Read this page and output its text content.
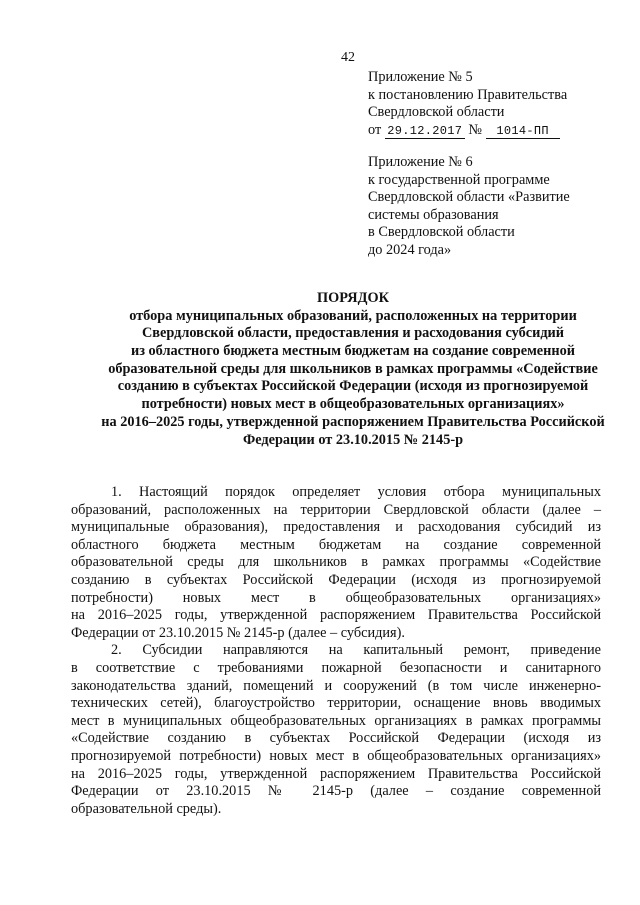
42
Приложение № 5
к постановлению Правительства
Свердловской области
от 29.12.2017 № 1014-ПП
Приложение № 6
к государственной программе
Свердловской области «Развитие
системы образования
в Свердловской области
до 2024 года»
ПОРЯДОК
отбора муниципальных образований, расположенных на территории
Свердловской области, предоставления и расходования субсидий
из областного бюджета местным бюджетам на создание современной
образовательной среды для школьников в рамках программы «Содействие
созданию в субъектах Российской Федерации (исходя из прогнозируемой
потребности) новых мест в общеобразовательных организациях»
на 2016–2025 годы, утвержденной распоряжением Правительства Российской
Федерации от 23.10.2015 № 2145-р
1. Настоящий порядок определяет условия отбора муниципальных
образований, расположенных на территории Свердловской области (далее –
муниципальные образования), предоставления и расходования субсидий из
областного бюджета местным бюджетам на создание современной
образовательной среды для школьников в рамках программы «Содействие
созданию в субъектах Российской Федерации (исходя из прогнозируемой
потребности) новых мест в общеобразовательных организациях»
на 2016–2025 годы, утвержденной распоряжением Правительства Российской
Федерации от 23.10.2015 № 2145-р (далее – субсидия).
2. Субсидии направляются на капитальный ремонт, приведение
в соответствие с требованиями пожарной безопасности и санитарного
законодательства зданий, помещений и сооружений (в том числе инженерно-
технических сетей), благоустройство территории, оснащение вновь вводимых
мест в муниципальных общеобразовательных организациях в рамках программы
«Содействие созданию в субъектах Российской Федерации (исходя из
прогнозируемой потребности) новых мест в общеобразовательных организациях»
на 2016–2025 годы, утвержденной распоряжением Правительства Российской
Федерации от 23.10.2015 № 2145-р (далее – создание современной
образовательной среды).
